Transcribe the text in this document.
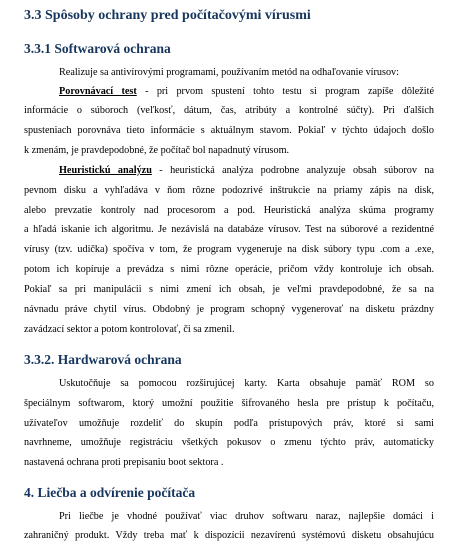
3.3 Spôsoby ochrany pred počítačovými vírusmi
3.3.1 Softwarová ochrana

Realizuje sa antivírovými programami, používaním metód na odhaľovanie vírusov:

Porovnávací test - pri prvom spustení tohto testu si program zapíše dôležité

informácie o súboroch (veľkosť, dátum, čas, atribúty a kontrolné súčty). Pri ďalších

spusteniach porovnáva tieto informácie s aktuálnym stavom. Pokiaľ v týchto údajoch došlo

k zmenám, je pravdepodobné, že počítač bol napadnutý vírusom.

Heuristickú analýzu - heuristická analýza podrobne analyzuje obsah súborov na

pevnom disku a vyhľadáva v ňom rôzne podozrivé inštrukcie na priamy zápis na disk,

alebo prevzatie kontroly nad procesorom a pod. Heuristická analýza skúma programy

a hľadá iskanie ich algoritmu. Je nezávislá na databáze vírusov. Test na súborové a rezidentné

vírusy (tzv. udička) spočíva v tom, že program vygeneruje na disk súbory typu .com a .exe,

potom ich kopíruje a prevádza s nimi rôzne operácie, pričom vždy kontroluje ich obsah.

Pokiaľ sa pri manipulácii s nimi zmení ich obsah, je veľmi pravdepodobné, že sa na

návnadu práve chytil vírus. Obdobný je program schopný vygenerovať na disketu prázdny

zavádzací sektor a potom kontrolovať, či sa zmenil.

3.3.2. Hardwarová ochrana

Uskutočňuje sa pomocou rozširujúcej karty. Karta obsahuje pamäť ROM so

špeciálnym softwarom, ktorý umožní použitie šifrovaného hesla pre prístup k počítaču,

užívateľov umožňuje rozdeliť do skupín podľa prístupových práv, ktoré si sami

navrhneme, umožňuje registráciu všetkých pokusov o zmenu týchto práv, automaticky

nastavená ochrana proti prepisaniu boot sektora .

4. Liečba a odvírenie počítača

Pri liečbe je vhodné používať viac druhov softwaru naraz, najlepšie domáci i

zahraničný produkt. Vždy treba mať k dispozícii nezavírenú systémovú disketu obsahujúcu
